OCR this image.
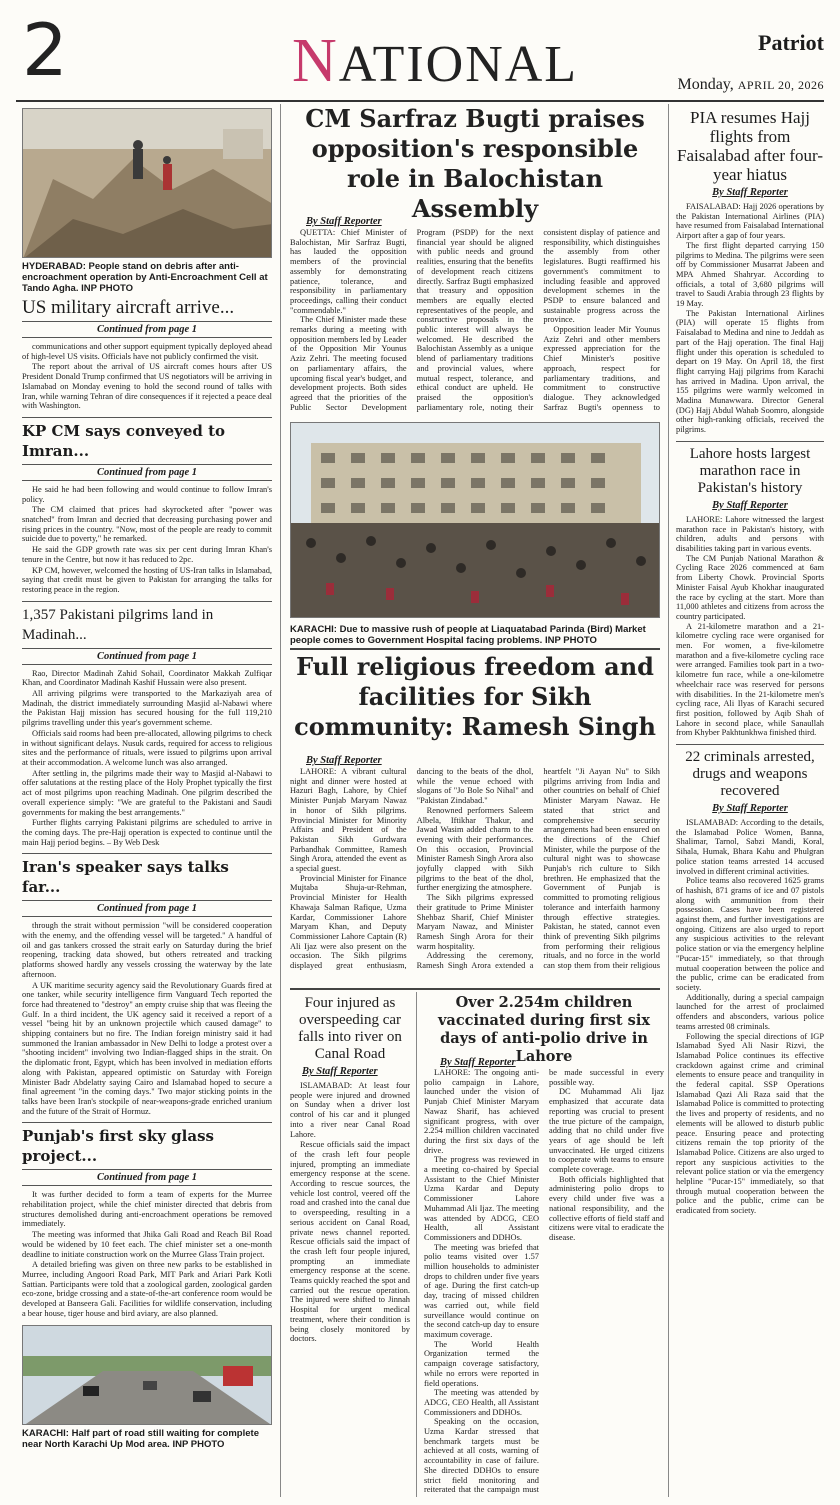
2	NATIONAL	Patriot
Monday, APRIL 20, 2026
HYDERABAD: People stand on debris after anti-encroachment operation by Anti-Encroachment Cell at Tando Agha. INP PHOTO
US military aircraft arrive...
Continued from page 1

communications and other support equipment typically deployed ahead of high-level US visits. Officials have not publicly confirmed the visit.

The report about the arrival of US aircraft comes hours after US President Donald Trump confirmed that US negotiators will be arriving in Islamabad on Monday evening to hold the second round of talks with Iran, while warning Tehran of dire consequences if it rejected a peace deal with Washington.

KP CM says conveyed to Imran...
Continued from page 1

He said he had been following and would continue to follow Imran's policy.

The CM claimed that prices had skyrocketed after "power was snatched" from Imran and decried that decreasing purchasing power and rising prices in the country. "Now, most of the people are ready to commit suicide due to poverty," he remarked.

He said the GDP growth rate was six per cent during Imran Khan's tenure in the Centre, but now it has reduced to 2pc.

KP CM, however, welcomed the hosting of US-Iran talks in Islamabad, saying that credit must be given to Pakistan for arranging the talks for restoring peace in the region.

1,357 Pakistani pilgrims land in Madinah...
Continued from page 1

Rao, Director Madinah Zahid Sohail, Coordinator Makkah Zulfiqar Khan, and Coordinator Madinah Kashif Hussain were also present.

All arriving pilgrims were transported to the Markaziyah area of Madinah, the district immediately surrounding Masjid al-Nabawi where the Pakistan Hajj mission has secured housing for the full 119,210 pilgrims travelling under this year's government scheme.

Officials said rooms had been pre-allocated, allowing pilgrims to check in without significant delays. Nusuk cards, required for access to religious sites and the performance of rituals, were issued to pilgrims upon arrival at their accommodation. A welcome lunch was also arranged.

After settling in, the pilgrims made their way to Masjid al-Nabawi to offer salutations at the resting place of the Holy Prophet typically the first act of most pilgrims upon reaching Madinah. One pilgrim described the overall experience simply: "We are grateful to the Pakistani and Saudi governments for making the best arrangements."

Further flights carrying Pakistani pilgrims are scheduled to arrive in the coming days. The pre-Hajj operation is expected to continue until the main Hajj period begins. – By Web Desk

Iran's speaker says talks far...
Continued from page 1

through the strait without permission "will be considered cooperation with the enemy, and the offending vessel will be targeted." A handful of oil and gas tankers crossed the strait early on Saturday during the brief reopening, tracking data showed, but others retreated and tracking platforms showed hardly any vessels crossing the waterway by the late afternoon.

A UK maritime security agency said the Revolutionary Guards fired at one tanker, while security intelligence firm Vanguard Tech reported the force had threatened to "destroy" an empty cruise ship that was fleeing the Gulf. In a third incident, the UK agency said it received a report of a vessel "being hit by an unknown projectile which caused damage" to shipping containers but no fire. The Indian foreign ministry said it had summoned the Iranian ambassador in New Delhi to lodge a protest over a "shooting incident" involving two Indian-flagged ships in the strait. On the diplomatic front, Egypt, which has been involved in mediation efforts along with Pakistan, appeared optimistic on Saturday with Foreign Minister Badr Abdelatty saying Cairo and Islamabad hoped to secure a final agreement "in the coming days." Two major sticking points in the talks have been Iran's stockpile of near-weapons-grade enriched uranium and the future of the Strait of Hormuz.

Punjab's first sky glass project...
Continued from page 1

It was further decided to form a team of experts for the Murree rehabilitation project, while the chief minister directed that debris from structures demolished during anti-encroachment operations be removed immediately.

The meeting was informed that Jhika Gali Road and Reach Bil Road would be widened by 10 feet each. The chief minister set a one-month deadline to initiate construction work on the Murree Glass Train project.

A detailed briefing was given on three new parks to be established in Murree, including Angoori Road Park, MIT Park and Ariari Park Kotli Sattian. Participants were told that a zoological garden, zoological garden eco-zone, bridge crossing and a state-of-the-art conference room would be developed at Banseera Gali. Facilities for wildlife conservation, including a bear house, tiger house and bird aviary, are also planned.

KARACHI: Half part of road still waiting for complete near North Karachi Up Mod area. INP PHOTO
CM Sarfraz Bugti praises opposition's responsible role in Balochistan Assembly
By Staff Reporter

QUETTA: Chief Minister of Balochistan, Mir Sarfraz Bugti, has lauded the opposition members of the provincial assembly for demonstrating patience, tolerance, and responsibility in parliamentary proceedings, calling their conduct "commendable."

The Chief Minister made these remarks during a meeting with opposition members led by Leader of the Opposition Mir Younus Aziz Zehri. The meeting focused on parliamentary affairs, the upcoming fiscal year's budget, and development projects. Both sides agreed that the priorities of the Public Sector Development Program (PSDP) for the next financial year should be aligned with public needs and ground realities, ensuring that the benefits of development reach citizens directly. Sarfraz Bugti emphasized that treasury and opposition members are equally elected representatives of the people, and constructive proposals in the public interest will always be welcomed. He described the Balochistan Assembly as a unique blend of parliamentary traditions and provincial values, where mutual respect, tolerance, and ethical conduct are upheld. He praised the opposition's parliamentary role, noting their consistent display of patience and responsibility, which distinguishes the assembly from other legislatures. Bugti reaffirmed his government's commitment to including feasible and approved development schemes in the PSDP to ensure balanced and sustainable progress across the province.

Opposition leader Mir Younus Aziz Zehri and other members expressed appreciation for the Chief Minister's positive approach, respect for parliamentary traditions, and commitment to constructive dialogue. They acknowledged Sarfraz Bugti's openness to

KARACHI: Due to massive rush of people at Liaquatabad Parinda (Bird) Market people comes to Government Hospital facing problems. INP PHOTO
Full religious freedom and facilities for Sikh community: Ramesh Singh
By Staff Reporter

LAHORE: A vibrant cultural night and dinner were hosted at Hazuri Bagh, Lahore, by Chief Minister Punjab Maryam Nawaz in honor of Sikh pilgrims. Provincial Minister for Minority Affairs and President of the Pakistan Sikh Gurdwara Parbandhak Committee, Ramesh Singh Arora, attended the event as a special guest.

Provincial Minister for Finance Mujtaba Shuja-ur-Rehman, Provincial Minister for Health Khawaja Salman Rafique, Uzma Kardar, Commissioner Lahore Maryam Khan, and Deputy Commissioner Lahore Captain (R) Ali Ijaz were also present on the occasion. The Sikh pilgrims displayed great enthusiasm, dancing to the beats of the dhol, while the venue echoed with slogans of "Jo Bole So Nihal" and "Pakistan Zindabad."

Renowned performers Saleem Albela, Iftikhar Thakur, and Jawad Wasim added charm to the evening with their performances. On this occasion, Provincial Minister Ramesh Singh Arora also joyfully clapped with Sikh pilgrims to the beat of the dhol, further energizing the atmosphere.

The Sikh pilgrims expressed their gratitude to Prime Minister Shehbaz Sharif, Chief Minister Maryam Nawaz, and Minister Ramesh Singh Arora for their warm hospitality.

Addressing the ceremony, Ramesh Singh Arora extended a heartfelt "Ji Aayan Nu" to Sikh pilgrims arriving from India and other countries on behalf of Chief Minister Maryam Nawaz. He stated that strict and comprehensive security arrangements had been ensured on the directions of the Chief Minister, while the purpose of the cultural night was to showcase Punjab's rich culture to Sikh brethren. He emphasized that the Government of Punjab is committed to promoting religious tolerance and interfaith harmony through effective strategies. Pakistan, he stated, cannot even think of preventing Sikh pilgrims from performing their religious rituals, and no force in the world can stop them from their religious

Four injured as overspeeding car falls into river on Canal Road
By Staff Reporter

ISLAMABAD: At least four people were injured and drowned on Sunday when a driver lost control of his car and it plunged into a river near Canal Road Lahore.

Rescue officials said the impact of the crash left four people injured, prompting an immediate emergency response at the scene. According to rescue sources, the vehicle lost control, veered off the road and crashed into the canal due to overspeeding, resulting in a serious accident on Canal Road, private news channel reported. Rescue officials said the impact of the crash left four people injured, prompting an immediate emergency response at the scene. Teams quickly reached the spot and carried out the rescue operation. The injured were shifted to Jinnah Hospital for urgent medical treatment, where their condition is being closely monitored by doctors.

Over 2.254m children vaccinated during first six days of anti-polio drive in Lahore
By Staff Reporter

LAHORE: The ongoing anti-polio campaign in Lahore, launched under the vision of Punjab Chief Minister Maryam Nawaz Sharif, has achieved significant progress, with over 2.254 million children vaccinated during the first six days of the drive.

The progress was reviewed in a meeting co-chaired by Special Assistant to the Chief Minister Uzma Kardar and Deputy Commissioner Lahore Muhammad Ali Ijaz. The meeting was attended by ADCG, CEO Health, all Assistant Commissioners and DDHOs.

The meeting was briefed that polio teams visited over 1.57 million households to administer drops to children under five years of age. During the first catch-up day, tracing of missed children was carried out, while field surveillance would continue on the second catch-up day to ensure maximum coverage.

The World Health Organization termed the campaign coverage satisfactory, while no errors were reported in field operations.

The meeting was attended by ADCG, CEO Health, all Assistant Commissioners and DDHOs.

Speaking on the occasion, Uzma Kardar stressed that benchmark targets must be achieved at all costs, warning of accountability in case of failure. She directed DDHOs to ensure strict field monitoring and reiterated that the campaign must be made successful in every possible way.

DC Muhammad Ali Ijaz emphasized that accurate data reporting was crucial to present the true picture of the campaign, adding that no child under five years of age should be left unvaccinated. He urged citizens to cooperate with teams to ensure complete coverage.

Both officials highlighted that administering polio drops to every child under five was a national responsibility, and the collective efforts of field staff and citizens were vital to eradicate the disease.

PIA resumes Hajj flights from Faisalabad after four-year hiatus
By Staff Reporter

FAISALABAD: Hajj 2026 operations by the Pakistan International Airlines (PIA) have resumed from Faisalabad International Airport after a gap of four years.

The first flight departed carrying 150 pilgrims to Medina. The pilgrims were seen off by Commissioner Musarrat Jabeen and MPA Ahmed Shahryar. According to officials, a total of 3,680 pilgrims will travel to Saudi Arabia through 23 flights by 19 May.

The Pakistan International Airlines (PIA) will operate 15 flights from Faisalabad to Medina and nine to Jeddah as part of the Hajj operation. The final Hajj flight under this operation is scheduled to depart on 19 May. On April 18, the first flight carrying Hajj pilgrims from Karachi has arrived in Madina. Upon arrival, the 155 pilgrims were warmly welcomed in Madina Munawwara. Director General (DG) Hajj Abdul Wahab Soomro, alongside other high-ranking officials, received the pilgrims.

Lahore hosts largest marathon race in Pakistan's history
By Staff Reporter

LAHORE: Lahore witnessed the largest marathon race in Pakistan's history, with children, adults and persons with disabilities taking part in various events.

The CM Punjab National Marathon & Cycling Race 2026 commenced at 6am from Liberty Chowk. Provincial Sports Minister Faisal Ayub Khokhar inaugurated the race by cycling at the start. More than 11,000 athletes and citizens from across the country participated.

A 21-kilometre marathon and a 21-kilometre cycling race were organised for men. For women, a five-kilometre marathon and a five-kilometre cycling race were arranged. Families took part in a two-kilometre fun race, while a one-kilometre wheelchair race was reserved for persons with disabilities. In the 21-kilometre men's cycling race, Ali Ilyas of Karachi secured first position, followed by Aqib Shah of Lahore in second place, while Sanaullah from Khyber Pakhtunkhwa finished third.

22 criminals arrested, drugs and weapons recovered
By Staff Reporter

ISLAMABAD: According to the details, the Islamabad Police Women, Banna, Shalimar, Tarnol, Sabzi Mandi, Koral, Sihala, Humak, Bhara Kahu and Phulgran police station teams arrested 14 accused involved in different criminal activities.

Police teams also recovered 1625 grams of hashish, 871 grams of ice and 07 pistols along with ammunition from their possession. Cases have been registered against them, and further investigations are ongoing. Citizens are also urged to report any suspicious activities to the relevant police station or via the emergency helpline "Pucar-15" immediately, so that through mutual cooperation between the police and the public, crime can be eradicated from society.

Additionally, during a special campaign launched for the arrest of proclaimed offenders and absconders, various police teams arrested 08 criminals.

Following the special directions of IGP Islamabad Syed Ali Nasir Rizvi, the Islamabad Police continues its effective crackdown against crime and criminal elements to ensure peace and tranquility in the federal capital. SSP Operations Islamabad Qazi Ali Raza said that the Islamabad Police is committed to protecting the lives and property of residents, and no elements will be allowed to disturb public peace. Ensuring peace and protecting citizens remain the top priority of the Islamabad Police. Citizens are also urged to report any suspicious activities to the relevant police station or via the emergency helpline "Pucar-15" immediately, so that through mutual cooperation between the police and the public, crime can be eradicated from society.
